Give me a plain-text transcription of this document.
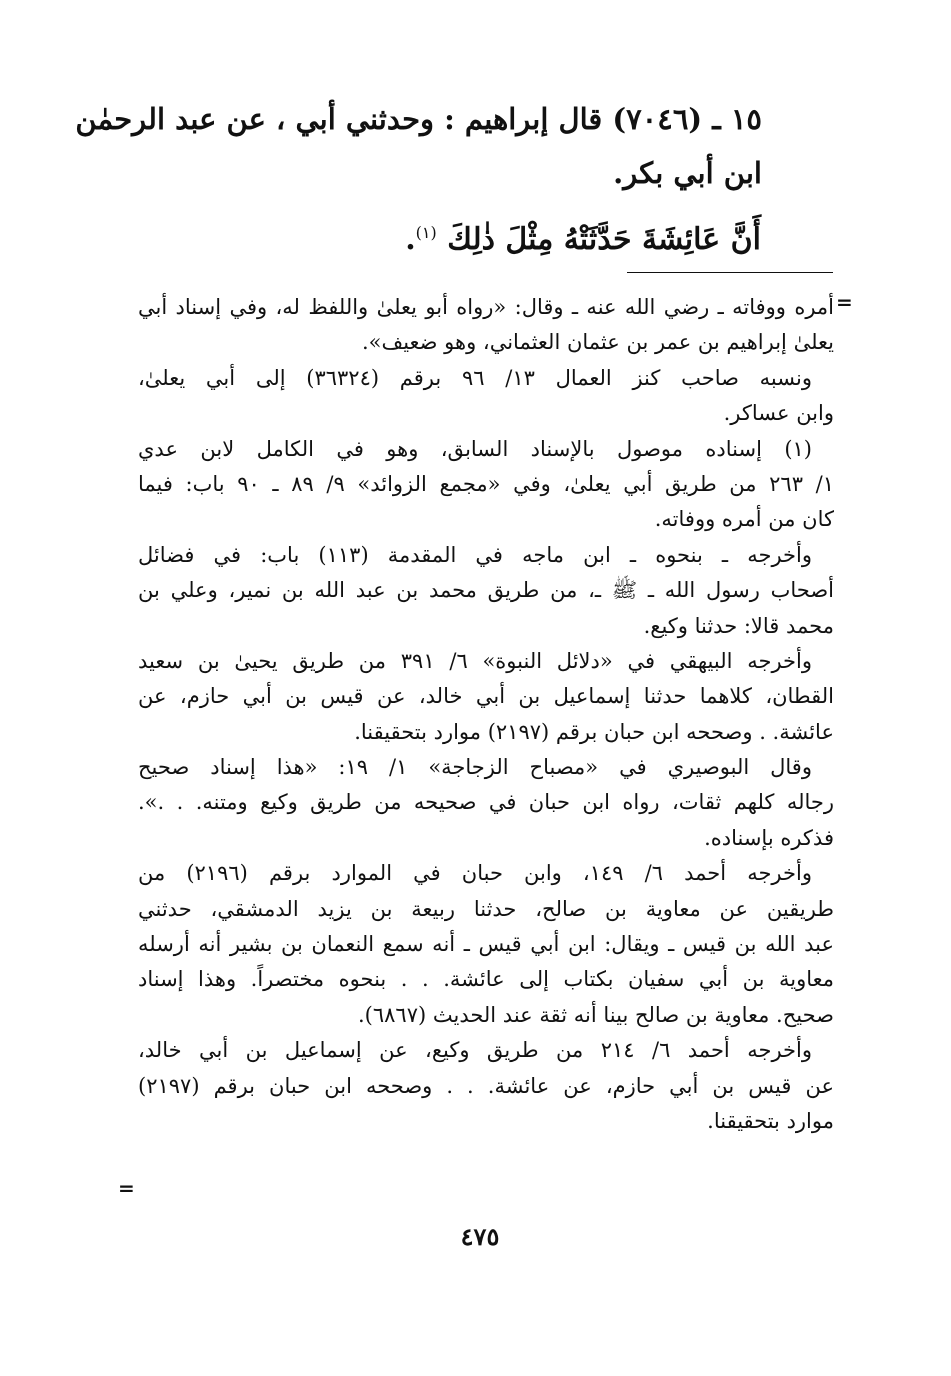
١٥ ـ (٧٠٤٦) قال إبراهيم : وحدثني أبي ، عن عبد الرحمٰن
ابن أبي بكر.
أَنَّ عَائِشَةَ حَدَّثَتْهُ مِثْلَ ذٰلِكَ $^{(١)}$.
=
أمره ووفاته ـ رضي الله عنه ـ وقال: «رواه أبو يعلىٰ واللفظ له، وفي إسناد أبي
يعلىٰ إبراهيم بن عمر بن عثمان العثماني، وهو ضعيف».
ونسبه صاحب كنز العمال ١٣/ ٩٦ برقم (٣٦٣٢٤) إلى أبي يعلىٰ،
وابن عساكر.
(١) إسناده موصول بالإسناد السابق، وهو في الكامل لابن عدي
١/ ٢٦٣ من طريق أبي يعلىٰ، وفي «مجمع الزوائد» ٩/ ٨٩ ـ ٩٠ باب: فيما
كان من أمره ووفاته.
وأخرجه ـ بنحوه ـ ابن ماجه في المقدمة (١١٣) باب: في فضائل
أصحاب رسول الله ـ ﷺ ـ، من طريق محمد بن عبد الله بن نمير، وعلي بن
محمد قالا: حدثنا وكيع.
وأخرجه البيهقي في «دلائل النبوة» ٦/ ٣٩١ من طريق يحيىٰ بن سعيد
القطان، كلاهما حدثنا إسماعيل بن أبي خالد، عن قيس بن أبي حازم، عن
عائشة. . وصححه ابن حبان برقم (٢١٩٧) موارد بتحقيقنا.
وقال البوصيري في «مصباح الزجاجة» ١/ ١٩: «هذا إسناد صحيح
رجاله كلهم ثقات، رواه ابن حبان في صحيحه من طريق وكيع ومتنه. . .».
فذكره بإسناده.
وأخرجه أحمد ٦/ ١٤٩، وابن حبان في الموارد برقم (٢١٩٦) من
طريقين عن معاوية بن صالح، حدثنا ربيعة بن يزيد الدمشقي، حدثني
عبد الله بن قيس ـ ويقال: ابن أبي قيس ـ أنه سمع النعمان بن بشير أنه أرسله
معاوية بن أبي سفيان بكتاب إلى عائشة. . . بنحوه مختصراً. وهذا إسناد
صحيح. معاوية بن صالح بينا أنه ثقة عند الحديث (٦٨٦٧).
وأخرجه أحمد ٦/ ٢١٤ من طريق وكيع، عن إسماعيل بن أبي خالد،
عن قيس بن أبي حازم، عن عائشة. . . وصححه ابن حبان برقم (٢١٩٧)
موارد بتحقيقنا.
=
٤٧٥
